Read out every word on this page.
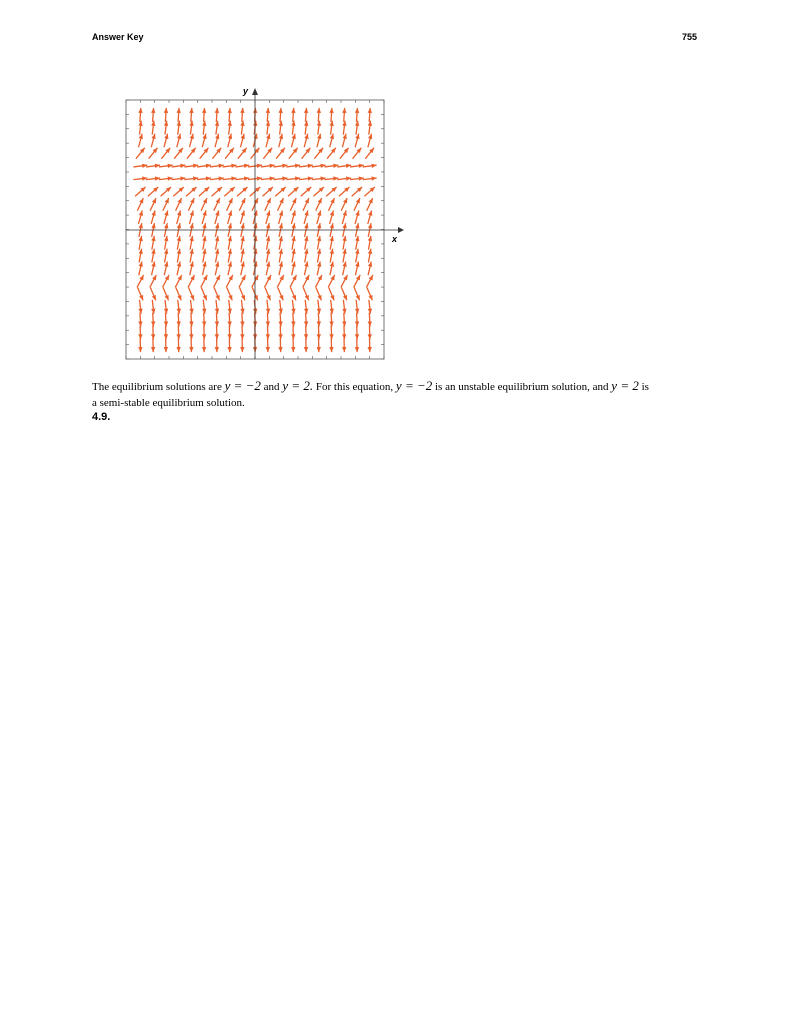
Answer Key	755
x
y
The equilibrium solutions are y = −2 and y = 2. For this equation, y = −2 is an unstable equilibrium solution, and y = 2 is
a semi-stable equilibrium solution.
4.9.
